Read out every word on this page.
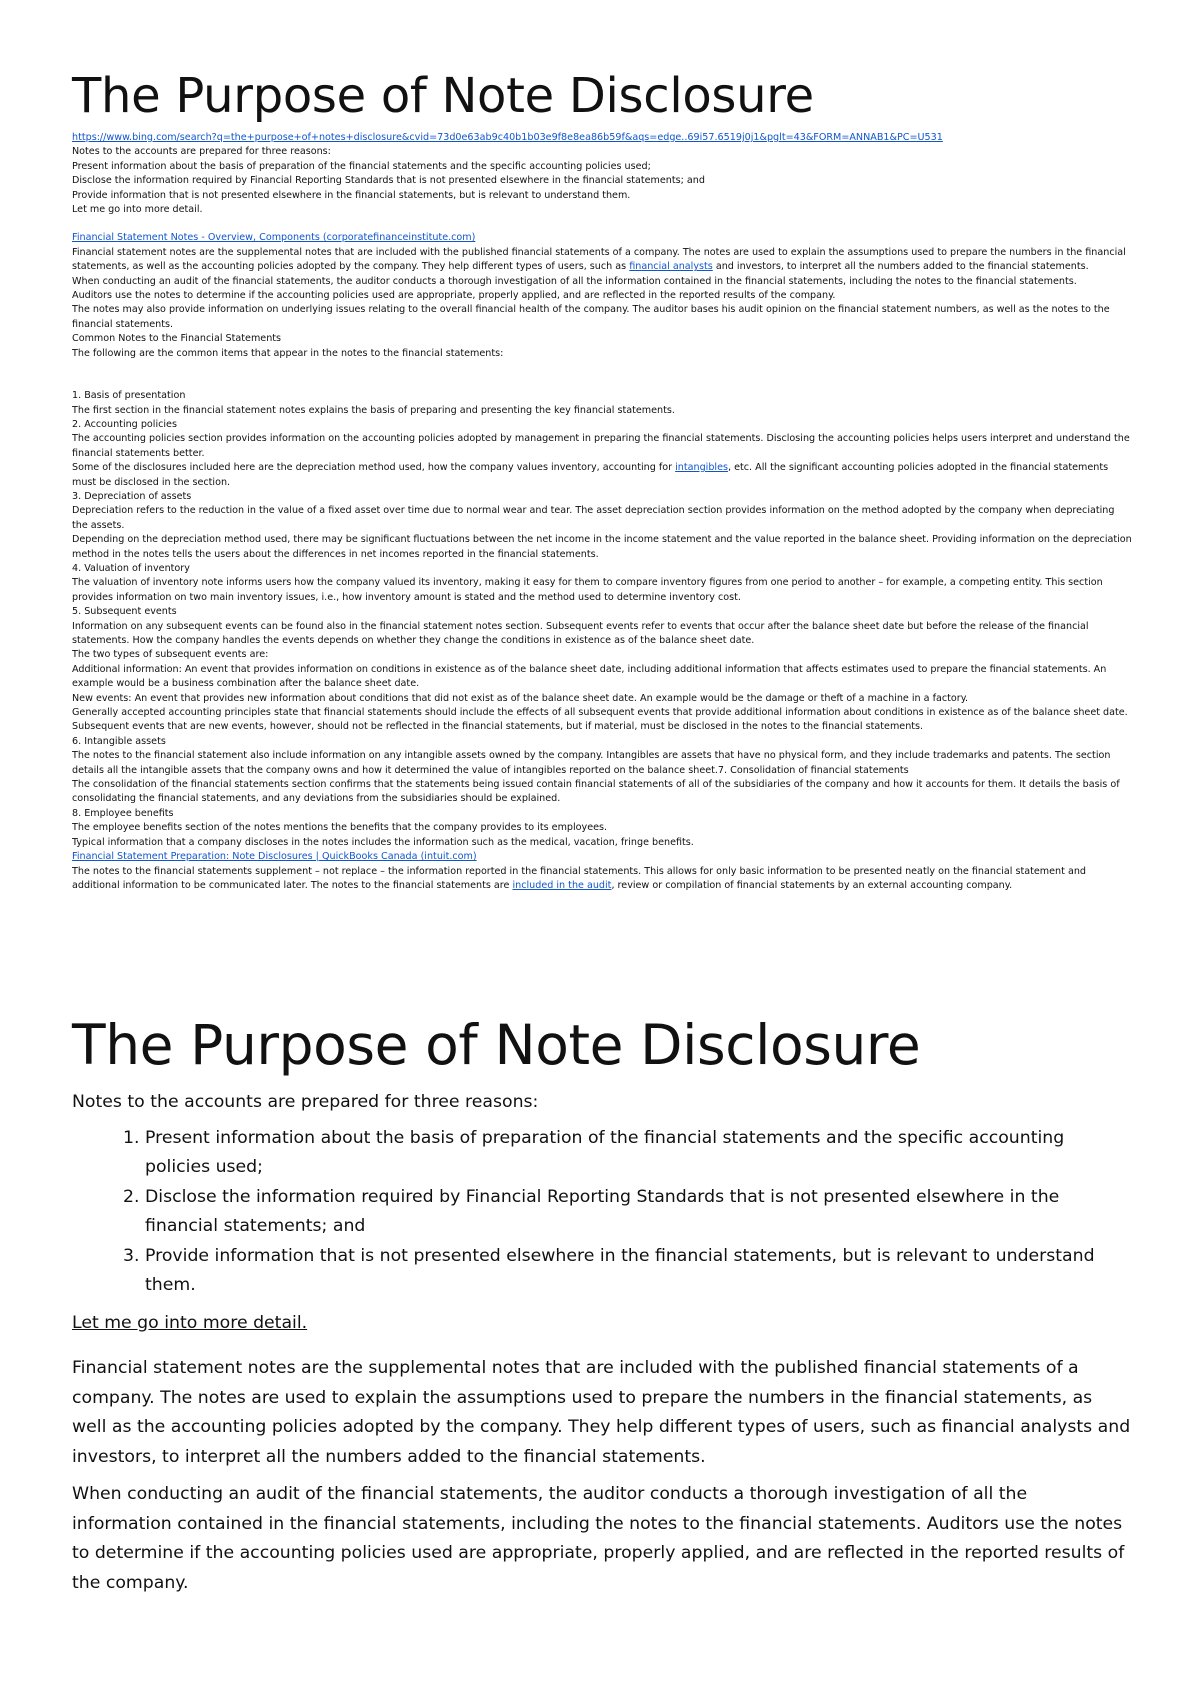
The Purpose of Note Disclosure

https://www.bing.com/search?q=the+purpose+of+notes+disclosure&cvid=73d0e63ab9c40b1b03e9f8e8ea86b59f&aqs=edge..69i57.6519j0j1&pglt=43&FORM=ANNAB1&PC=U531

Notes to the accounts are prepared for three reasons:

Present information about the basis of preparation of the financial statements and the specific accounting policies used;

Disclose the information required by Financial Reporting Standards that is not presented elsewhere in the financial statements; and

Provide information that is not presented elsewhere in the financial statements, but is relevant to understand them.

Let me go into more detail.

Financial Statement Notes - Overview, Components (corporatefinanceinstitute.com)

Financial statement notes are the supplemental notes that are included with the published financial statements of a company. The notes are used to explain the assumptions used to prepare the numbers in the financial statements, as well as the accounting policies adopted by the company. They help different types of users, such as financial analysts and investors, to interpret all the numbers added to the financial statements.

When conducting an audit of the financial statements, the auditor conducts a thorough investigation of all the information contained in the financial statements, including the notes to the financial statements.

Auditors use the notes to determine if the accounting policies used are appropriate, properly applied, and are reflected in the reported results of the company.

The notes may also provide information on underlying issues relating to the overall financial health of the company. The auditor bases his audit opinion on the financial statement numbers, as well as the notes to the financial statements.

Common Notes to the Financial Statements

The following are the common items that appear in the notes to the financial statements:

1. Basis of presentation

The first section in the financial statement notes explains the basis of preparing and presenting the key financial statements.

2. Accounting policies

The accounting policies section provides information on the accounting policies adopted by management in preparing the financial statements. Disclosing the accounting policies helps users interpret and understand the financial statements better.

Some of the disclosures included here are the depreciation method used, how the company values inventory, accounting for intangibles, etc. All the significant accounting policies adopted in the financial statements must be disclosed in the section.

3. Depreciation of assets

Depreciation refers to the reduction in the value of a fixed asset over time due to normal wear and tear. The asset depreciation section provides information on the method adopted by the company when depreciating the assets.

Depending on the depreciation method used, there may be significant fluctuations between the net income in the income statement and the value reported in the balance sheet. Providing information on the depreciation method in the notes tells the users about the differences in net incomes reported in the financial statements.

4. Valuation of inventory

The valuation of inventory note informs users how the company valued its inventory, making it easy for them to compare inventory figures from one period to another – for example, a competing entity. This section provides information on two main inventory issues, i.e., how inventory amount is stated and the method used to determine inventory cost.

5. Subsequent events

Information on any subsequent events can be found also in the financial statement notes section. Subsequent events refer to events that occur after the balance sheet date but before the release of the financial statements. How the company handles the events depends on whether they change the conditions in existence as of the balance sheet date.

The two types of subsequent events are:

Additional information: An event that provides information on conditions in existence as of the balance sheet date, including additional information that affects estimates used to prepare the financial statements. An example would be a business combination after the balance sheet date.

New events: An event that provides new information about conditions that did not exist as of the balance sheet date. An example would be the damage or theft of a machine in a factory.

Generally accepted accounting principles state that financial statements should include the effects of all subsequent events that provide additional information about conditions in existence as of the balance sheet date. Subsequent events that are new events, however, should not be reflected in the financial statements, but if material, must be disclosed in the notes to the financial statements.

6. Intangible assets

The notes to the financial statement also include information on any intangible assets owned by the company. Intangibles are assets that have no physical form, and they include trademarks and patents. The section details all the intangible assets that the company owns and how it determined the value of intangibles reported on the balance sheet.7. Consolidation of financial statements

The consolidation of the financial statements section confirms that the statements being issued contain financial statements of all of the subsidiaries of the company and how it accounts for them. It details the basis of consolidating the financial statements, and any deviations from the subsidiaries should be explained.

8. Employee benefits

The employee benefits section of the notes mentions the benefits that the company provides to its employees.

Typical information that a company discloses in the notes includes the information such as the medical, vacation, fringe benefits.

Financial Statement Preparation: Note Disclosures | QuickBooks Canada (intuit.com)

The notes to the financial statements supplement – not replace – the information reported in the financial statements. This allows for only basic information to be presented neatly on the financial statement and additional information to be communicated later. The notes to the financial statements are included in the audit, review or compilation of financial statements by an external accounting company.

The Purpose of Note Disclosure

Notes to the accounts are prepared for three reasons:

1. Present information about the basis of preparation of the financial statements and the specific accounting policies used;
2. Disclose the information required by Financial Reporting Standards that is not presented elsewhere in the financial statements; and
3. Provide information that is not presented elsewhere in the financial statements, but is relevant to understand them.

Let me go into more detail.

Financial statement notes are the supplemental notes that are included with the published financial statements of a company. The notes are used to explain the assumptions used to prepare the numbers in the financial statements, as well as the accounting policies adopted by the company. They help different types of users, such as financial analysts and investors, to interpret all the numbers added to the financial statements.

When conducting an audit of the financial statements, the auditor conducts a thorough investigation of all the information contained in the financial statements, including the notes to the financial statements. Auditors use the notes to determine if the accounting policies used are appropriate, properly applied, and are reflected in the reported results of the company.
